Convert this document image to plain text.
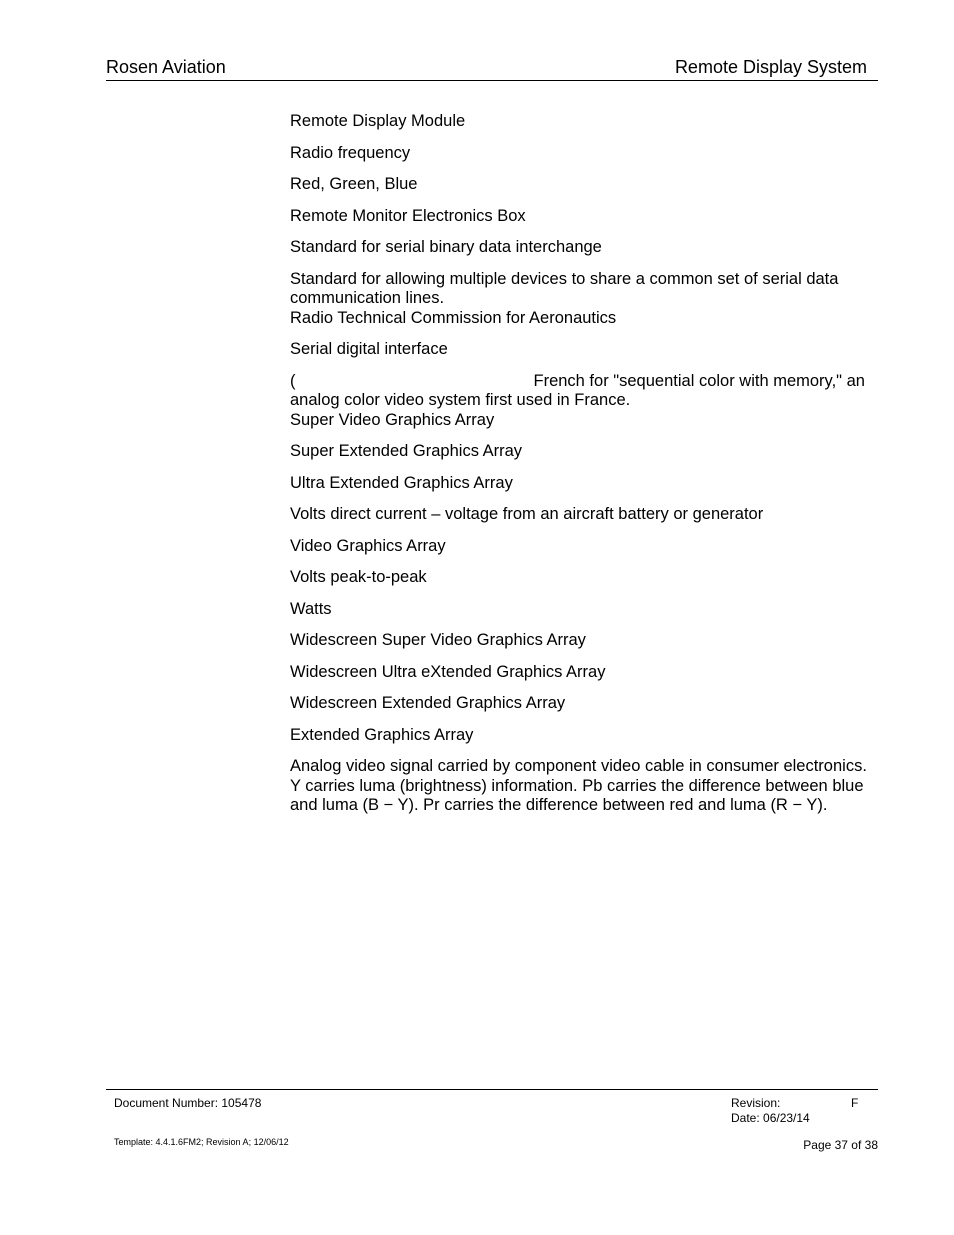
Rosen Aviation	Remote Display System
Remote Display Module
Radio frequency
Red, Green, Blue
Remote Monitor Electronics Box
Standard for serial binary data interchange
Standard for allowing multiple devices to share a common set of serial data communication lines.
Radio Technical Commission for Aeronautics
Serial digital interface
(	French for "sequential color with memory," an analog color video system first used in France.
Super Video Graphics Array
Super Extended Graphics Array
Ultra Extended Graphics Array
Volts direct current – voltage from an aircraft battery or generator
Video Graphics Array
Volts peak-to-peak
Watts
Widescreen Super Video Graphics Array
Widescreen Ultra eXtended Graphics Array
Widescreen Extended Graphics Array
Extended Graphics Array
Analog video signal carried by component video cable in consumer electronics. Y carries luma (brightness) information. Pb carries the difference between blue and luma (B − Y). Pr carries the difference between red and luma (R − Y).
Document Number: 105478	Revision:	F
Date: 06/23/14
Template: 4.4.1.6FM2; Revision A; 12/06/12	Page 37 of 38
